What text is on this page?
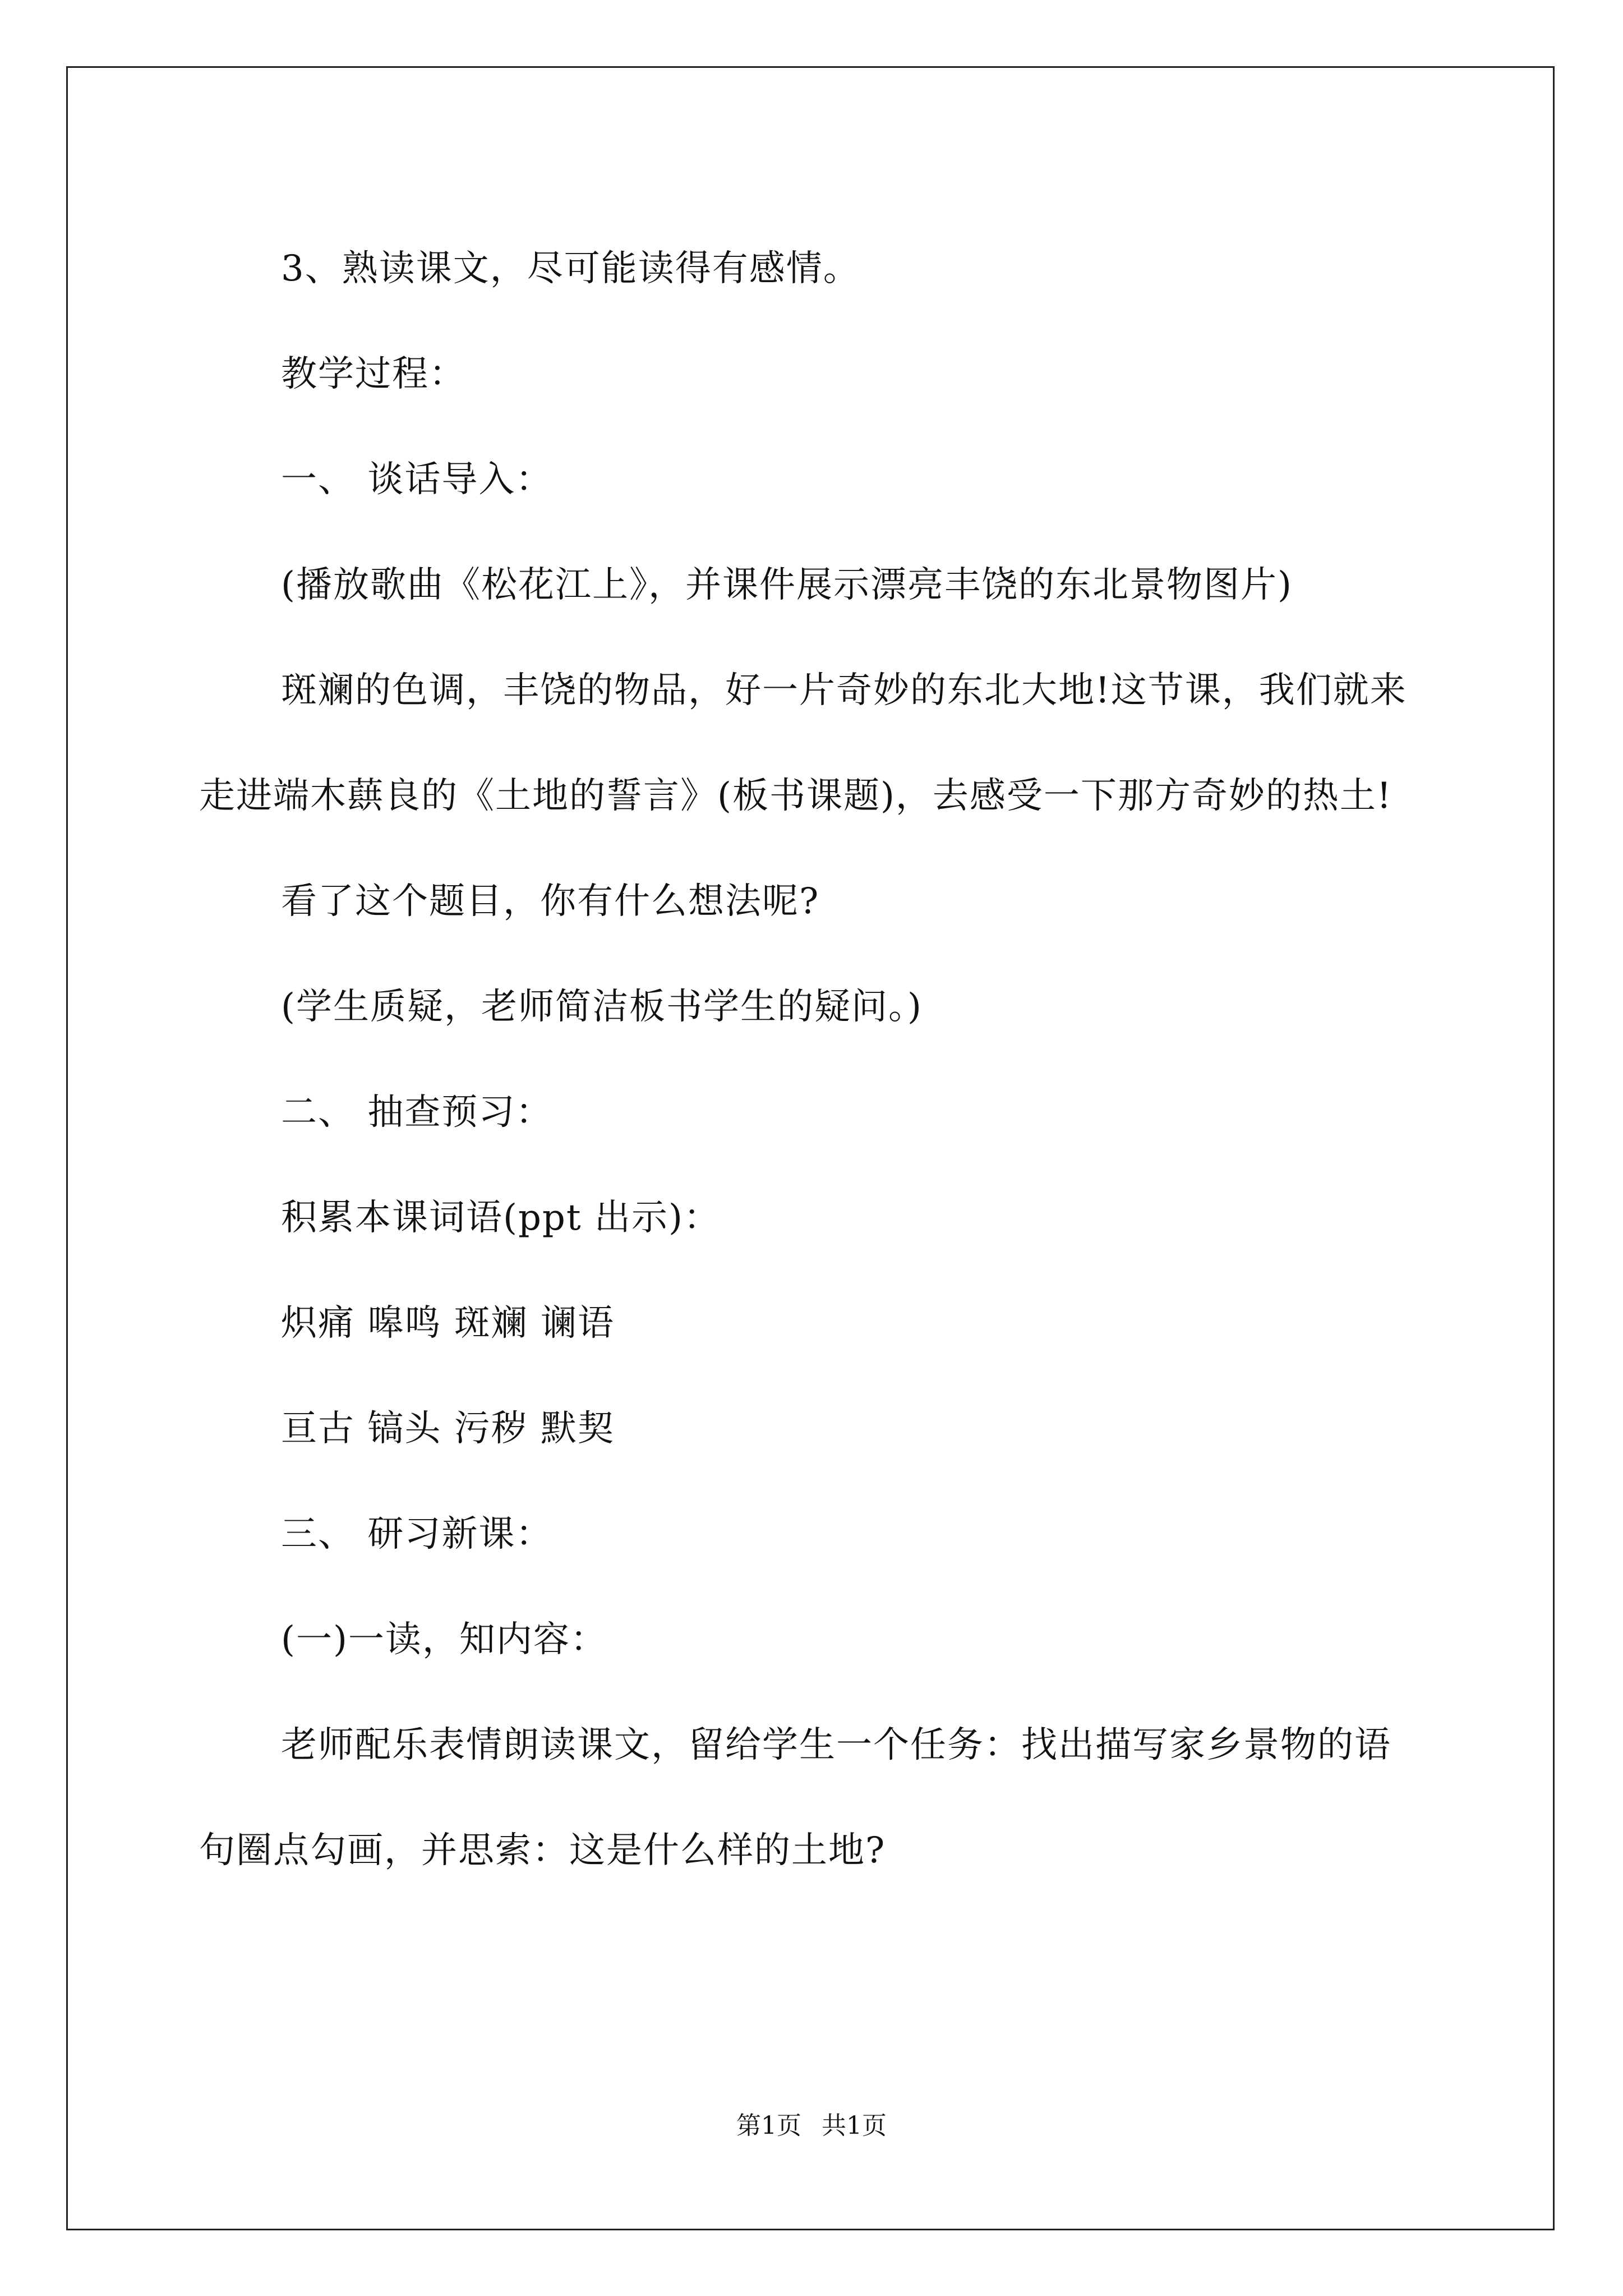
3、熟读课文，尽可能读得有感情。

教学过程：

一、 谈话导入：

(播放歌曲《松花江上》，并课件展示漂亮丰饶的东北景物图片)

斑斓的色调，丰饶的物品，好一片奇妙的东北大地!这节课，我们就来走进端木蕻良的《土地的誓言》(板书课题)，去感受一下那方奇妙的热土!

看了这个题目，你有什么想法呢?

(学生质疑，老师简洁板书学生的疑问。)

二、 抽查预习：

积累本课词语(ppt 出示)：

炽痛 嗥鸣 斑斓 谰语

亘古 镐头 污秽 默契

三、 研习新课：

(一)一读，知内容：

老师配乐表情朗读课文，留给学生一个任务：找出描写家乡景物的语句圈点勾画，并思索：这是什么样的土地?

第1页 共1页
